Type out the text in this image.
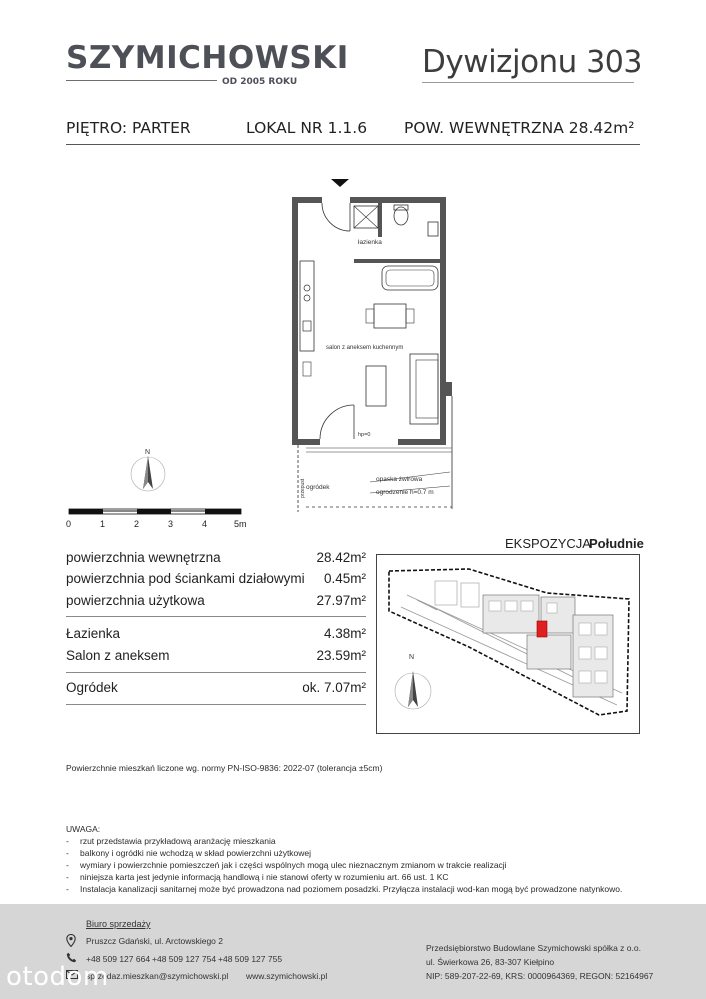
SZYMICHOWSKI
OD 2005 ROKU
Dywizjonu 303
PIĘTRO: PARTER	LOKAL NR 1.1.6 POW. WEWNĘTRZNA 28.42m²
łazienka
salon z aneksem kuchennym
hp=0
ogródek
opaska żwirowa
ogrodzenie h=0.7 m
przepust
N
0	1	2	3	4	5m
powierzchnia wewnętrzna	28.42m²
powierzchnia pod ściankami działowymi 0.45m²
powierzchnia użytkowa	27.97m²
Łazienka	4.38m²
Salon z aneksem	23.59m²
Ogródek	ok. 7.07m²
EKSPOZYCJA
Południe
N
Powierzchnie mieszkań liczone wg. normy PN-ISO-9836: 2022-07 (tolerancja ±5cm)
UWAGA:
- rzut przedstawia przykładową aranżację mieszkania
- balkony i ogródki nie wchodzą w skład powierzchni użytkowej
- wymiary i powierzchnie pomieszczeń jak i części wspólnych mogą ulec nieznacznym zmianom w trakcie realizacji
- niniejsza karta jest jedynie informacją handlową i nie stanowi oferty w rozumieniu art. 66 ust. 1 KC
- Instalacja kanalizacji sanitarnej może być prowadzona nad poziomem posadzki. Przyłącza instalacji wod-kan mogą być prowadzone natynkowo.
Biuro sprzedaży
Pruszcz Gdański, ul. Arctowskiego 2
+48 509 127 664 +48 509 127 754 +48 509 127 755
sprzedaz.mieszkan@szymichowski.pl www.szymichowski.pl
Przedsiębiorstwo Budowlane Szymichowski spółka z o.o.
ul. Świerkowa 26, 83-307 Kiełpino
NIP: 589-207-22-69, KRS: 0000964369, REGON: 52164967
otodom
